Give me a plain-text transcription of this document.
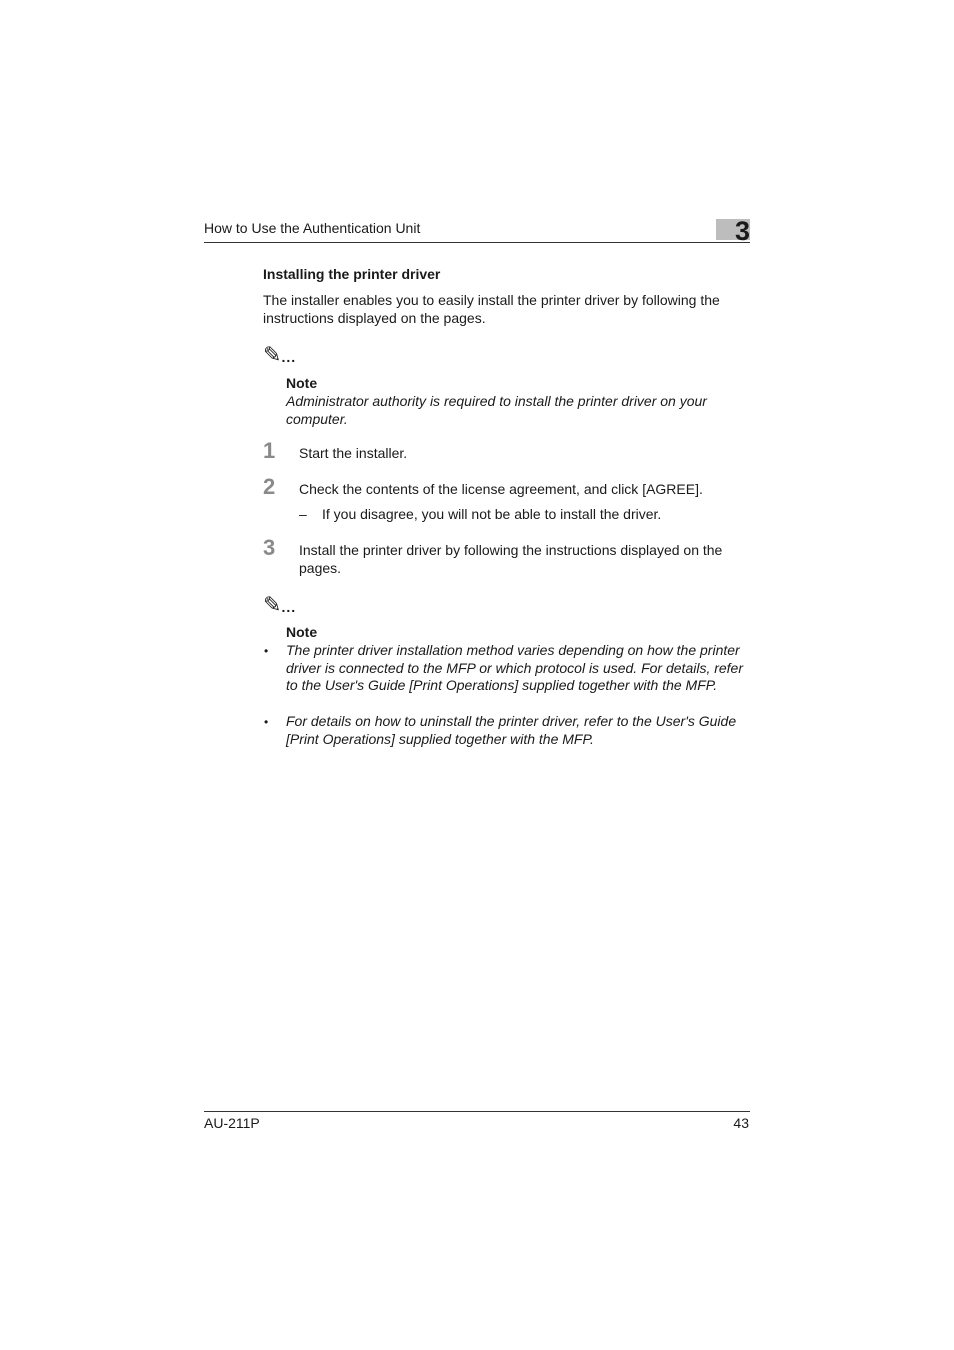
How to Use the Authentication Unit	3
Installing the printer driver
The installer enables you to easily install the printer driver by following the instructions displayed on the pages.
✎...
Note
Administrator authority is required to install the printer driver on your computer.
1 Start the installer.
2 Check the contents of the license agreement, and click [AGREE].
– If you disagree, you will not be able to install the driver.
3 Install the printer driver by following the instructions displayed on the pages.
✎...
Note
• The printer driver installation method varies depending on how the printer driver is connected to the MFP or which protocol is used. For details, refer to the User's Guide [Print Operations] supplied together with the MFP.
• For details on how to uninstall the printer driver, refer to the User's Guide [Print Operations] supplied together with the MFP.
AU-211P	43
